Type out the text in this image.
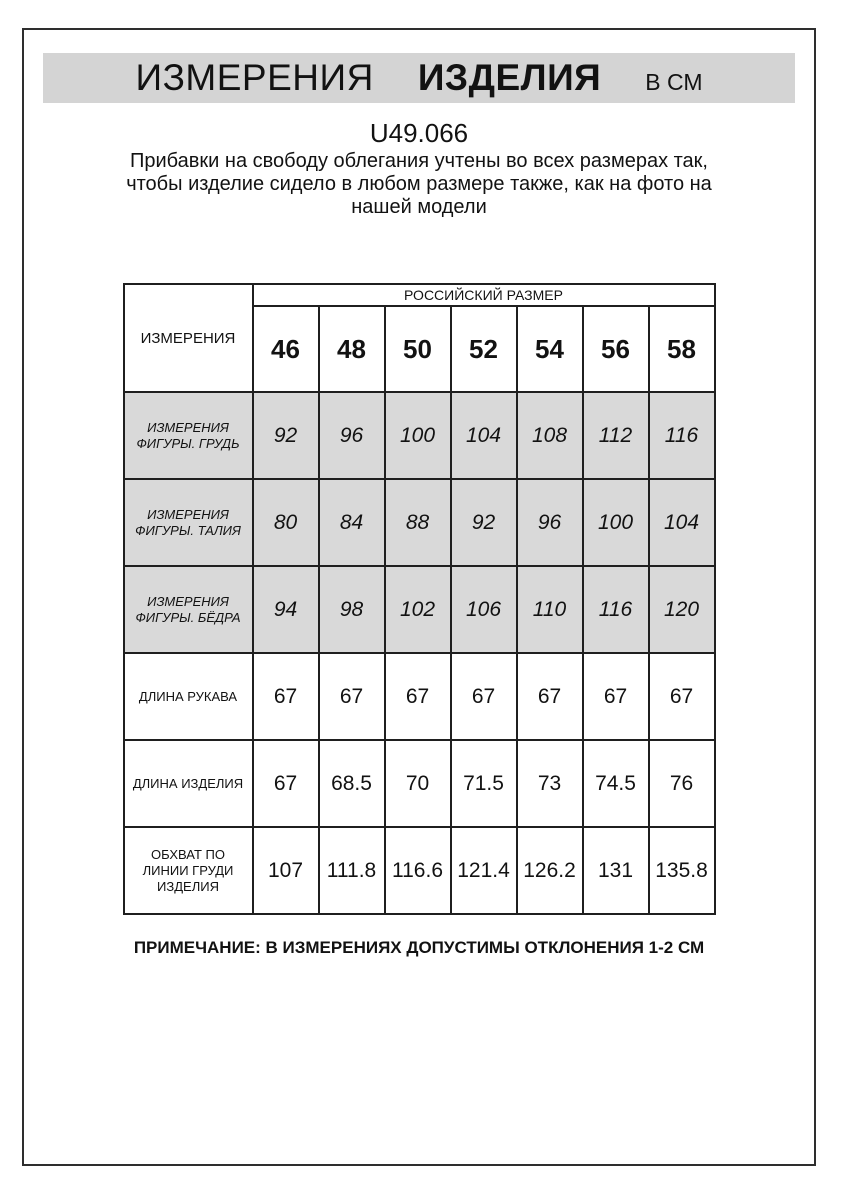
ИЗМЕРЕНИЯ ИЗДЕЛИЯ В СМ
U49.066
Прибавки на свободу облегания учтены во всех размерах так,
чтобы изделие сидело в любом размере также, как на фото на
нашей модели
ИЗМЕРЕНИЯ	РОССИЙСКИЙ РАЗМЕР						
	46	48	50	52	54	56	58
ИЗМЕРЕНИЯ
ФИГУРЫ. ГРУДЬ	92	96	100	104	108	112	116
ИЗМЕРЕНИЯ
ФИГУРЫ. ТАЛИЯ	80	84	88	92	96	100	104
ИЗМЕРЕНИЯ
ФИГУРЫ. БЁДРА	94	98	102	106	110	116	120
ДЛИНА РУКАВА	67	67	67	67	67	67	67
ДЛИНА ИЗДЕЛИЯ	67	68.5	70	71.5	73	74.5	76
ОБХВАТ ПО
ЛИНИИ ГРУДИ
ИЗДЕЛИЯ	107	111.8	116.6	121.4	126.2	131	135.8
ПРИМЕЧАНИЕ: В ИЗМЕРЕНИЯХ ДОПУСТИМЫ ОТКЛОНЕНИЯ 1-2 СМ
